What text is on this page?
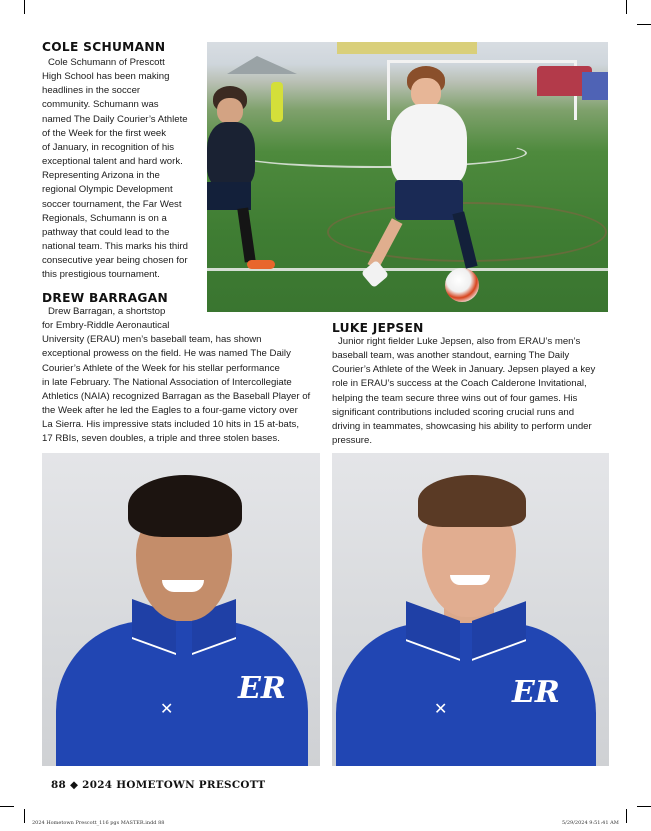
COLE SCHUMANN
Cole Schumann of Prescott
High School has been making
headlines in the soccer
community. Schumann was
named The Daily Courier’s Athlete
of the Week for the first week
of January, in recognition of his
exceptional talent and hard work.
Representing Arizona in the
regional Olympic Development
soccer tournament, the Far West
Regionals, Schumann is on a
pathway that could lead to the
national team. This marks his third
consecutive year being chosen for
this prestigious tournament.
DREW BARRAGAN
Drew Barragan, a shortstop
for Embry-Riddle Aeronautical
University (ERAU) men’s baseball team, has shown
exceptional prowess on the field. He was named The Daily
Courier’s Athlete of the Week for his stellar performance
in late February. The National Association of Intercollegiate
Athletics (NAIA) recognized Barragan as the Baseball Player of
the Week after he led the Eagles to a four-game victory over
La Sierra. His impressive stats included 10 hits in 15 at-bats,
17 RBIs, seven doubles, a triple and three stolen bases.
LUKE JEPSEN
Junior right fielder Luke Jepsen, also from ERAU’s men’s
baseball team, was another standout, earning The Daily
Courier’s Athlete of the Week in January. Jepsen played a key
role in ERAU’s success at the Coach Calderone Invitational,
helping the team secure three wins out of four games. His
significant contributions included scoring crucial runs and
driving in teammates, showcasing his ability to perform under
pressure.
✕
ER
✕ ER
88 ◆ 2024 HOMETOWN PRESCOTT
2024 Hometown Prescott_116 pgs MASTER.indd 88	5/29/2024 9:51:41 AM
